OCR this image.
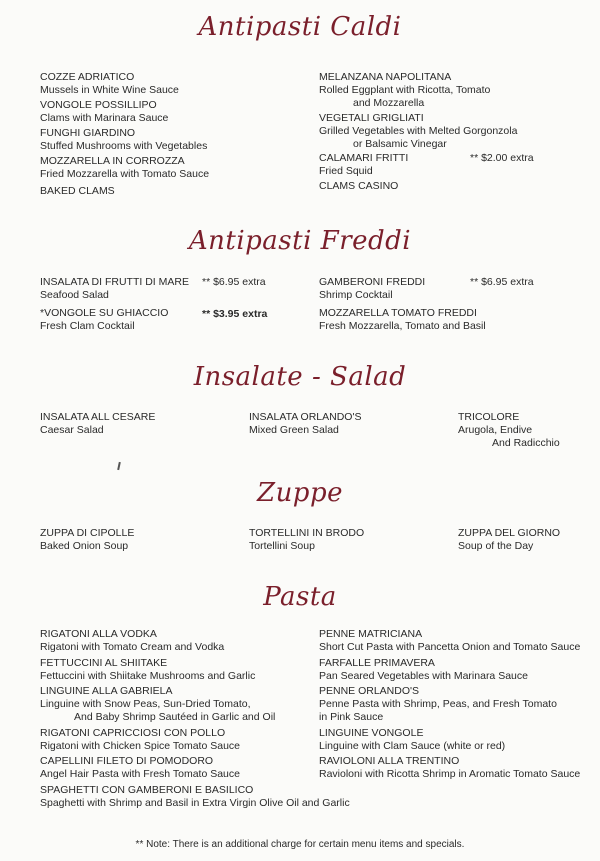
Antipasti Caldi
COZZE ADRIATICO
Mussels in White Wine Sauce
VONGOLE POSSILLIPO
Clams with Marinara Sauce
FUNGHI GIARDINO
Stuffed Mushrooms with Vegetables
MOZZARELLA IN CORROZZA
Fried Mozzarella with Tomato Sauce
BAKED CLAMS
MELANZANA NAPOLITANA
Rolled Eggplant with Ricotta, Tomato
and Mozzarella
VEGETALI GRIGLIATI
Grilled Vegetables with Melted Gorgonzola
or Balsamic Vinegar
CALAMARI FRITTI
Fried Squid
** $2.00 extra
CLAMS CASINO
Antipasti Freddi
INSALATA DI FRUTTI DI MARE
Seafood Salad
** $6.95 extra
*VONGOLE SU GHIACCIO
Fresh Clam Cocktail
** $3.95 extra
GAMBERONI FREDDI
Shrimp Cocktail
** $6.95 extra
MOZZARELLA TOMATO FREDDI
Fresh Mozzarella, Tomato and Basil
Insalate - Salad
INSALATA ALL CESARE
Caesar Salad
INSALATA ORLANDO'S
Mixed Green Salad
TRICOLORE
Arugola, Endive
And Radicchio
Zuppe
ZUPPA DI CIPOLLE
Baked Onion Soup
TORTELLINI IN BRODO
Tortellini Soup
ZUPPA DEL GIORNO
Soup of the Day
Pasta
RIGATONI ALLA VODKA
Rigatoni with Tomato Cream and Vodka
FETTUCCINI AL SHIITAKE
Fettuccini with Shiitake Mushrooms and Garlic
LINGUINE ALLA GABRIELA
Linguine with Snow Peas, Sun-Dried Tomato,
And Baby Shrimp Sautéed in Garlic and Oil
RIGATONI CAPRICCIOSI CON POLLO
Rigatoni with Chicken Spice Tomato Sauce
CAPELLINI FILETO DI POMODORO
Angel Hair Pasta with Fresh Tomato Sauce
SPAGHETTI CON GAMBERONI E BASILICO
Spaghetti with Shrimp and Basil in Extra Virgin Olive Oil and Garlic
PENNE MATRICIANA
Short Cut Pasta with Pancetta Onion and Tomato Sauce
FARFALLE PRIMAVERA
Pan Seared Vegetables with Marinara Sauce
PENNE ORLANDO'S
Penne Pasta with Shrimp, Peas, and Fresh Tomato
in Pink Sauce
LINGUINE VONGOLE
Linguine with Clam Sauce (white or red)
RAVIOLONI ALLA TRENTINO
Ravioloni with Ricotta Shrimp in Aromatic Tomato Sauce
** Note: There is an additional charge for certain menu items and specials.
